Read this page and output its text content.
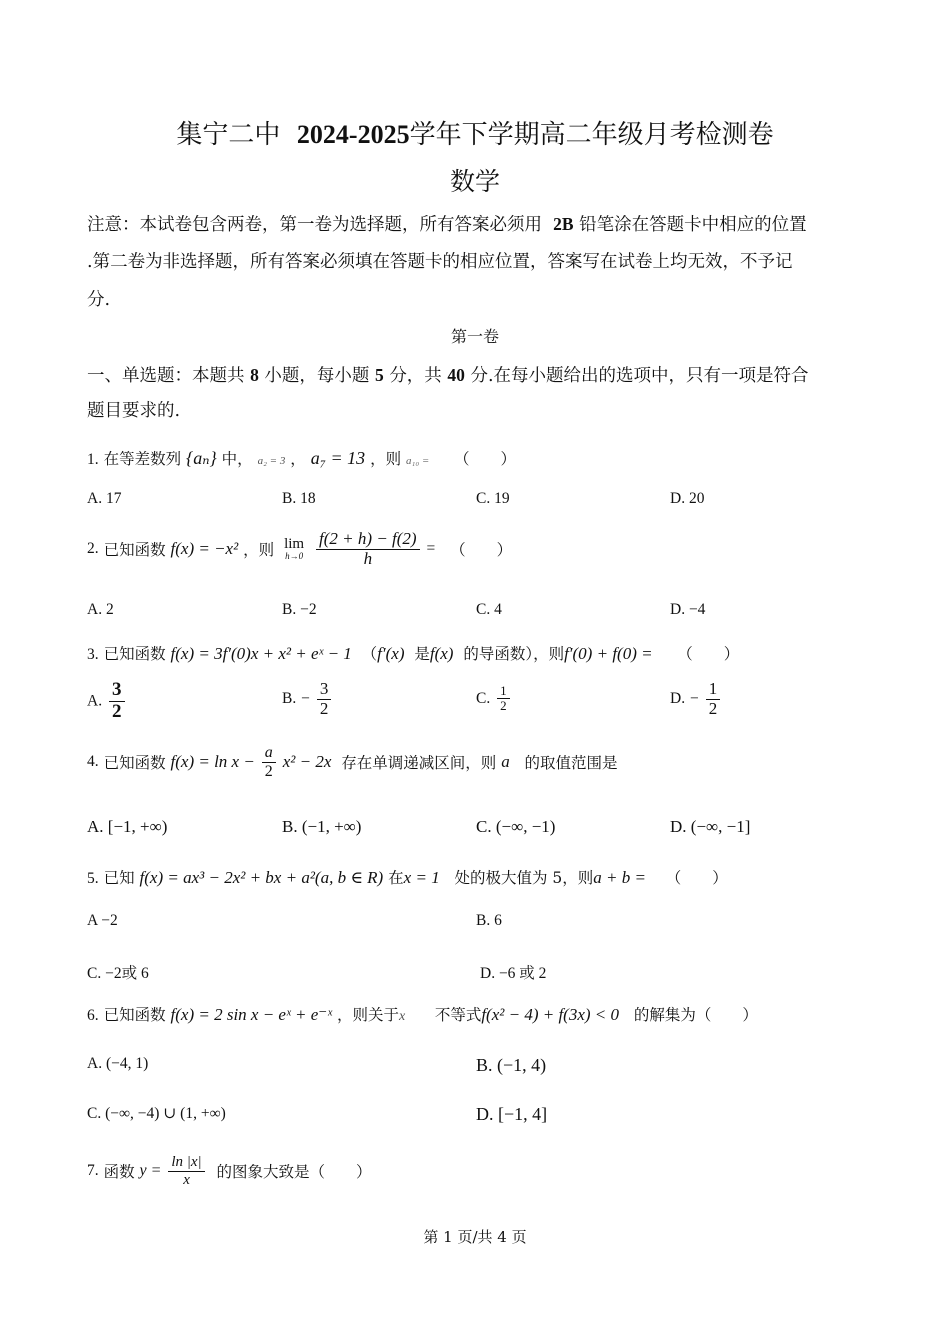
集宁二中 2024-2025学年下学期高二年级月考检测卷
数学
注意：本试卷包含两卷，第一卷为选择题，所有答案必须用 2B 铅笔涂在答题卡中相应的位置
.第二卷为非选择题，所有答案必须填在答题卡的相应位置，答案写在试卷上均无效，不予记
分.
第一卷
一、单选题：本题共 8 小题，每小题 5 分，共 40 分.在每小题给出的选项中，只有一项是符合
题目要求的.
1. 在等差数列 {aₙ} 中， a₂ = 3 ， a₇ = 13 ，则 a₁₀ = （　　）
A. 17	B. 18	C. 19	D. 20
2. 已知函数 f(x) = −x² ，则 lim
h→0
$\frac{f(2 + h) - f(2)}{h}$ = （　　）
A. 2	B. −2	C. 4	D. −4
3. 已知函数 f(x) = 3f′(0)x + x² + eˣ − 1 （f′(x) 是f(x) 的导函数），则f′(0) + f(0) = （　　）
A. $\frac{3}{2}$	B. − $\frac{3}{2}$	C. $\frac{1}{2}$	D. − $\frac{1}{2}$
4. 已知函数 $f(x) = \ln x - \frac{a}{2} x^2 - 2x$ 存在单调递减区间，则 a 的取值范围是
A. [−1, +∞)	B. (−1, +∞)	C. (−∞, −1)	D. (−∞, −1]
5. 已知 f(x) = ax³ − 2x² + bx + a²(a, b ∈ R) 在x = 1 处的极大值为 5，则a + b = （　　）
A −2	B. 6
C. −2或 6	D. −6 或 2
6. 已知函数 f(x) = 2 sin x − eˣ + e⁻ˣ ，则关于x 不等式f(x² − 4) + f(3x) < 0 的解集为（　　）
A. (−4, 1)	B. (−1, 4)
C. (−∞, −4) ∪ (1, +∞)	D. [−1, 4]
7. 函数 $y = \frac{\ln |x|}{x}$ 的图象大致是（　　）
第 1 页/共 4 页
